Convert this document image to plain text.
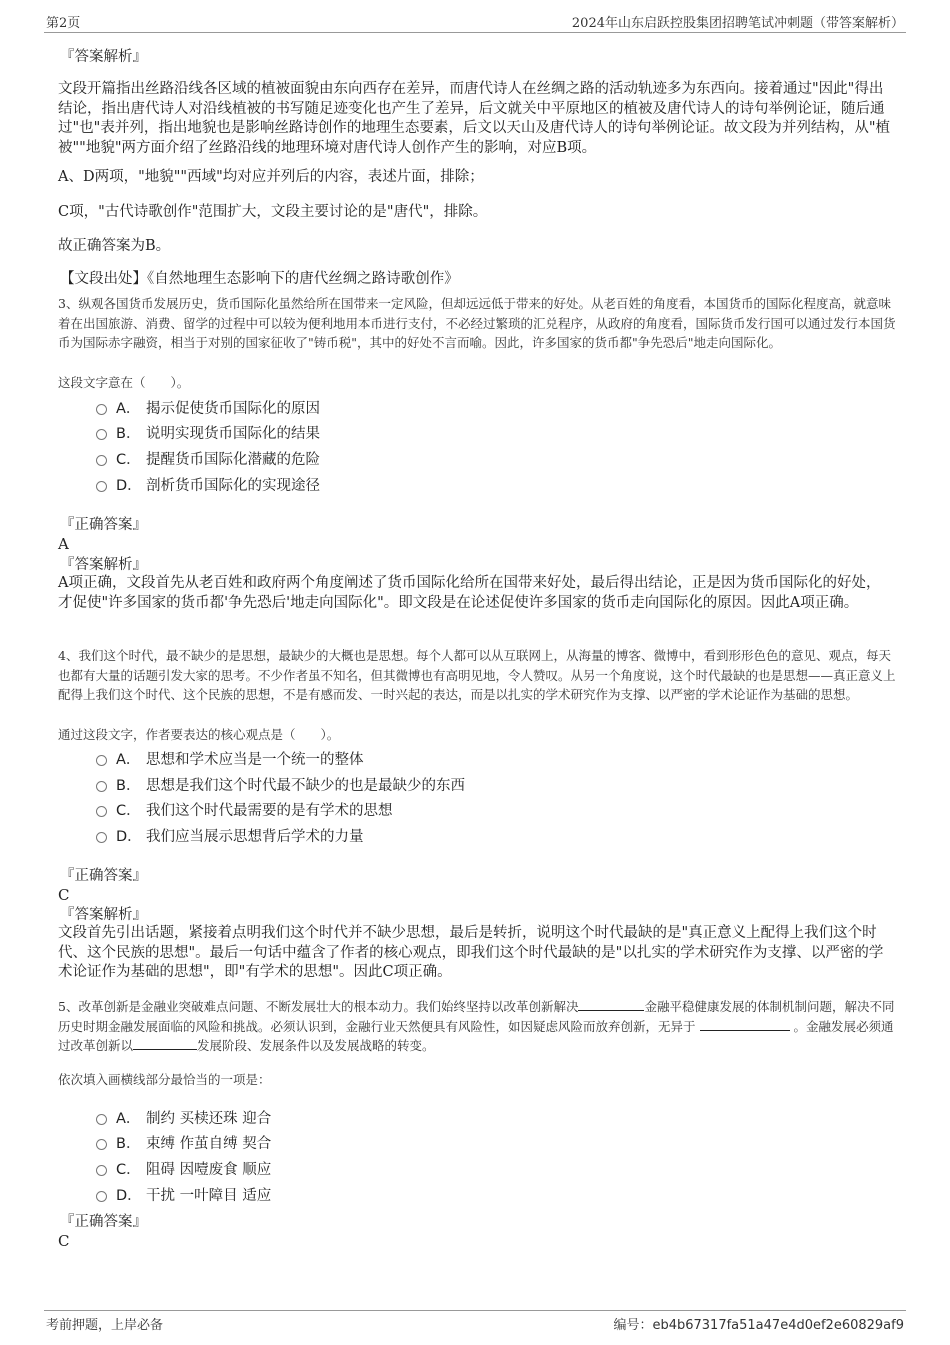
第2页	2024年山东启跃控股集团招聘笔试冲刺题（带答案解析）
『答案解析』
文段开篇指出丝路沿线各区域的植被面貌由东向西存在差异，而唐代诗人在丝绸之路的活动轨迹多为东西向。接着通过"因此"得出结论，指出唐代诗人对沿线植被的书写随足迹变化也产生了差异，后文就关中平原地区的植被及唐代诗人的诗句举例论证，随后通过"也"表并列，指出地貌也是影响丝路诗创作的地理生态要素，后文以天山及唐代诗人的诗句举例论证。故文段为并列结构，从"植被""地貌"两方面介绍了丝路沿线的地理环境对唐代诗人创作产生的影响，对应B项。
A、D两项，"地貌""西域"均对应并列后的内容，表述片面，排除；
C项，"古代诗歌创作"范围扩大，文段主要讨论的是"唐代"，排除。
故正确答案为B。
【文段出处】《自然地理生态影响下的唐代丝绸之路诗歌创作》
3、纵观各国货币发展历史，货币国际化虽然给所在国带来一定风险，但却远远低于带来的好处。从老百姓的角度看，本国货币的国际化程度高，就意味着在出国旅游、消费、留学的过程中可以较为便利地用本币进行支付，不必经过繁琐的汇兑程序，从政府的角度看，国际货币发行国可以通过发行本国货币为国际赤字融资，相当于对别的国家征收了"铸币税"，其中的好处不言而喻。因此，许多国家的货币都"争先恐后"地走向国际化。
这段文字意在（　　）。
A． 揭示促使货币国际化的原因
B． 说明实现货币国际化的结果
C． 提醒货币国际化潜藏的危险
D． 剖析货币国际化的实现途径
『正确答案』
A
『答案解析』
A项正确，文段首先从老百姓和政府两个角度阐述了货币国际化给所在国带来好处，最后得出结论，正是因为货币国际化的好处，才促使"许多国家的货币都'争先恐后'地走向国际化"。即文段是在论述促使许多国家的货币走向国际化的原因。因此A项正确。
4、我们这个时代，最不缺少的是思想，最缺少的大概也是思想。每个人都可以从互联网上，从海量的博客、微博中，看到形形色色的意见、观点，每天也都有大量的话题引发大家的思考。不少作者虽不知名，但其微博也有高明见地，令人赞叹。从另一个角度说，这个时代最缺的也是思想——真正意义上配得上我们这个时代、这个民族的思想，不是有感而发、一时兴起的表达，而是以扎实的学术研究作为支撑、以严密的学术论证作为基础的思想。
通过这段文字，作者要表达的核心观点是（　　）。
A． 思想和学术应当是一个统一的整体
B． 思想是我们这个时代最不缺少的也是最缺少的东西
C． 我们这个时代最需要的是有学术的思想
D． 我们应当展示思想背后学术的力量
『正确答案』
C
『答案解析』
文段首先引出话题，紧接着点明我们这个时代并不缺少思想，最后是转折，说明这个时代最缺的是"真正意义上配得上我们这个时代、这个民族的思想"。最后一句话中蕴含了作者的核心观点，即我们这个时代最缺的是"以扎实的学术研究作为支撑、以严密的学术论证作为基础的思想"，即"有学术的思想"。因此C项正确。
5、改革创新是金融业突破难点问题、不断发展壮大的根本动力。我们始终坚持以改革创新解决	金融平稳健康发展的体制机制问题，解决不同历史时期金融发展面临的风险和挑战。必须认识到，金融行业天然便具有风险性，如因疑虑风险而放弃创新，无异于	。金融发展必须通过改革创新以	发展阶段、发展条件以及发展战略的转变。
依次填入画横线部分最恰当的一项是：
A． 制约 买椟还珠 迎合
B． 束缚 作茧自缚 契合
C． 阻碍 因噎废食 顺应
D． 干扰 一叶障目 适应
『正确答案』
C
考前押题，上岸必备	编号：eb4b67317fa51a47e4d0ef2e60829af9
